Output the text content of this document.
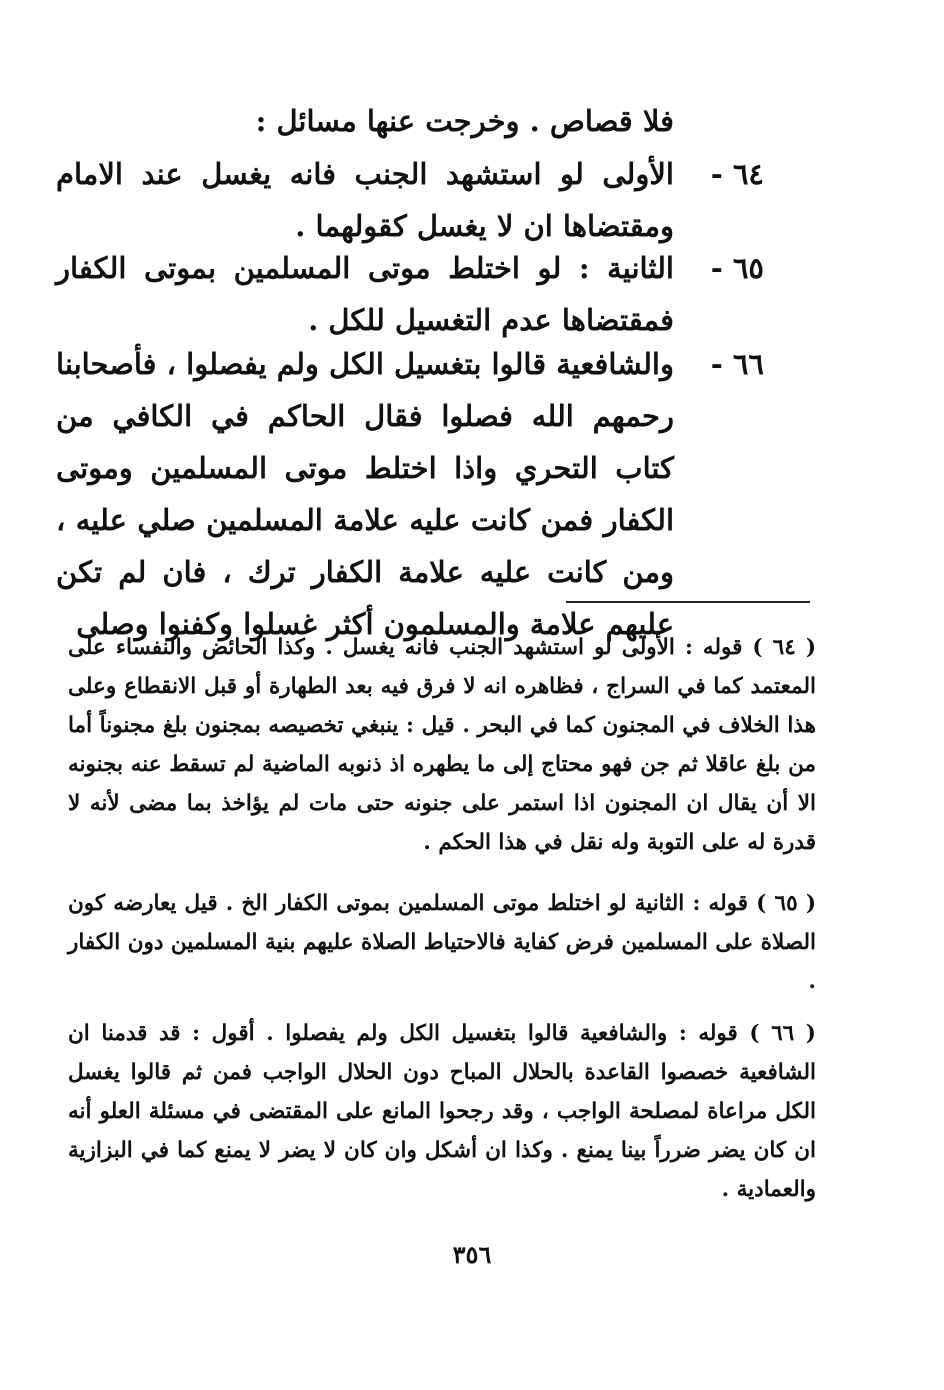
فلا قصاص . وخرجت عنها مسائل :
٦٤ -
الأولى لو استشهد الجنب فانه يغسل عند الامام ومقتضاها ان لا يغسل كقولهما .
٦٥ -
الثانية : لو اختلط موتى المسلمين بموتى الكفار فمقتضاها عدم التغسيل للكل .
٦٦ -
والشافعية قالوا بتغسيل الكل ولم يفصلوا ، فأصحابنا رحمهم الله فصلوا فقال الحاكم في الكافي من كتاب التحري واذا اختلط موتى المسلمين وموتى الكفار فمن كانت عليه علامة المسلمين صلي عليه ، ومن كانت عليه علامة الكفار ترك ، فان لم تكن عليهم علامة والمسلمون أكثر غسلوا وكفنوا وصلى
( ٦٤ ) قوله : الأولى لو استشهد الجنب فانه يغسل . وكذا الحائض والنفساء على المعتمد كما في السراج ، فظاهره انه لا فرق فيه بعد الطهارة أو قبل الانقطاع وعلى هذا الخلاف في المجنون كما في البحر . قيل : ينبغي تخصيصه بمجنون بلغ مجنوناً أما من بلغ عاقلا ثم جن فهو محتاج إلى ما يطهره اذ ذنوبه الماضية لم تسقط عنه بجنونه الا أن يقال ان المجنون اذا استمر على جنونه حتى مات لم يؤاخذ بما مضى لأنه لا قدرة له على التوبة وله نقل في هذا الحكم .
( ٦٥ ) قوله : الثانية لو اختلط موتى المسلمين بموتى الكفار الخ . قيل يعارضه كون الصلاة على المسلمين فرض كفاية فالاحتياط الصلاة عليهم بنية المسلمين دون الكفار .
( ٦٦ ) قوله : والشافعية قالوا بتغسيل الكل ولم يفصلوا . أقول : قد قدمنا ان الشافعية خصصوا القاعدة بالحلال المباح دون الحلال الواجب فمن ثم قالوا يغسل الكل مراعاة لمصلحة الواجب ، وقد رجحوا المانع على المقتضى في مسئلة العلو أنه ان كان يضر ضرراً بينا يمنع . وكذا ان أشكل وان كان لا يضر لا يمنع كما في البزازية والعمادية .
٣٥٦
